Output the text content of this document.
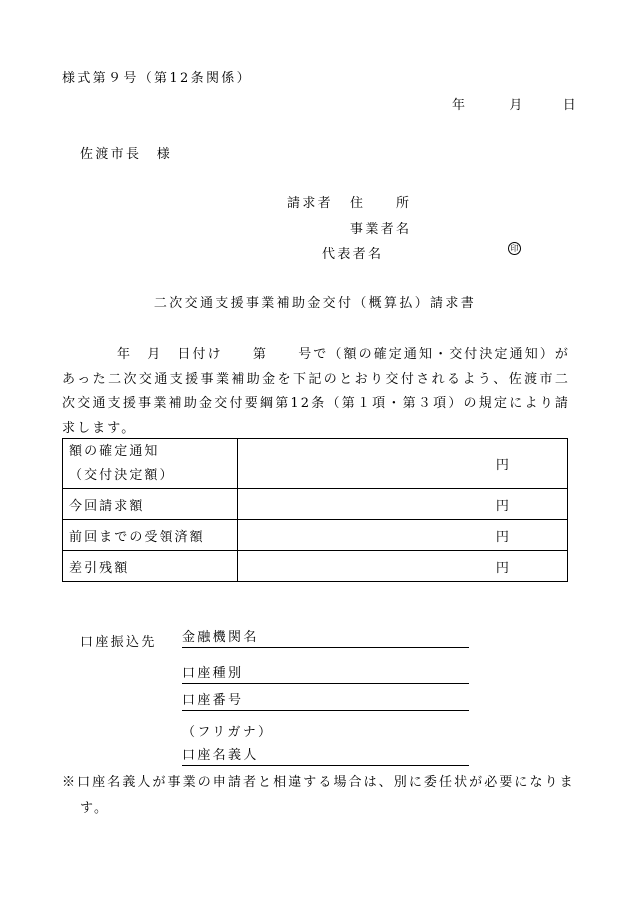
様式第９号（第12条関係）
年	月	日
佐渡市長　様
請求者 住　　所
事業者名
代表者名	印
二次交通支援事業補助金交付（概算払）請求書
年　月　日付け　　第　　号で（額の確定通知・交付決定通知）があった二次交通支援事業補助金を下記のとおり交付されるよう、佐渡市二次交通支援事業補助金交付要綱第12条（第１項・第３項）の規定により請求します。
額の確定通知
（交付決定額）	円
今回請求額	円
前回までの受領済額	円
差引残額	円
口座振込先 金融機関名
口座種別
口座番号
（フリガナ）
口座名義人
※口座名義人が事業の申請者と相違する場合は、別に委任状が必要になります。
